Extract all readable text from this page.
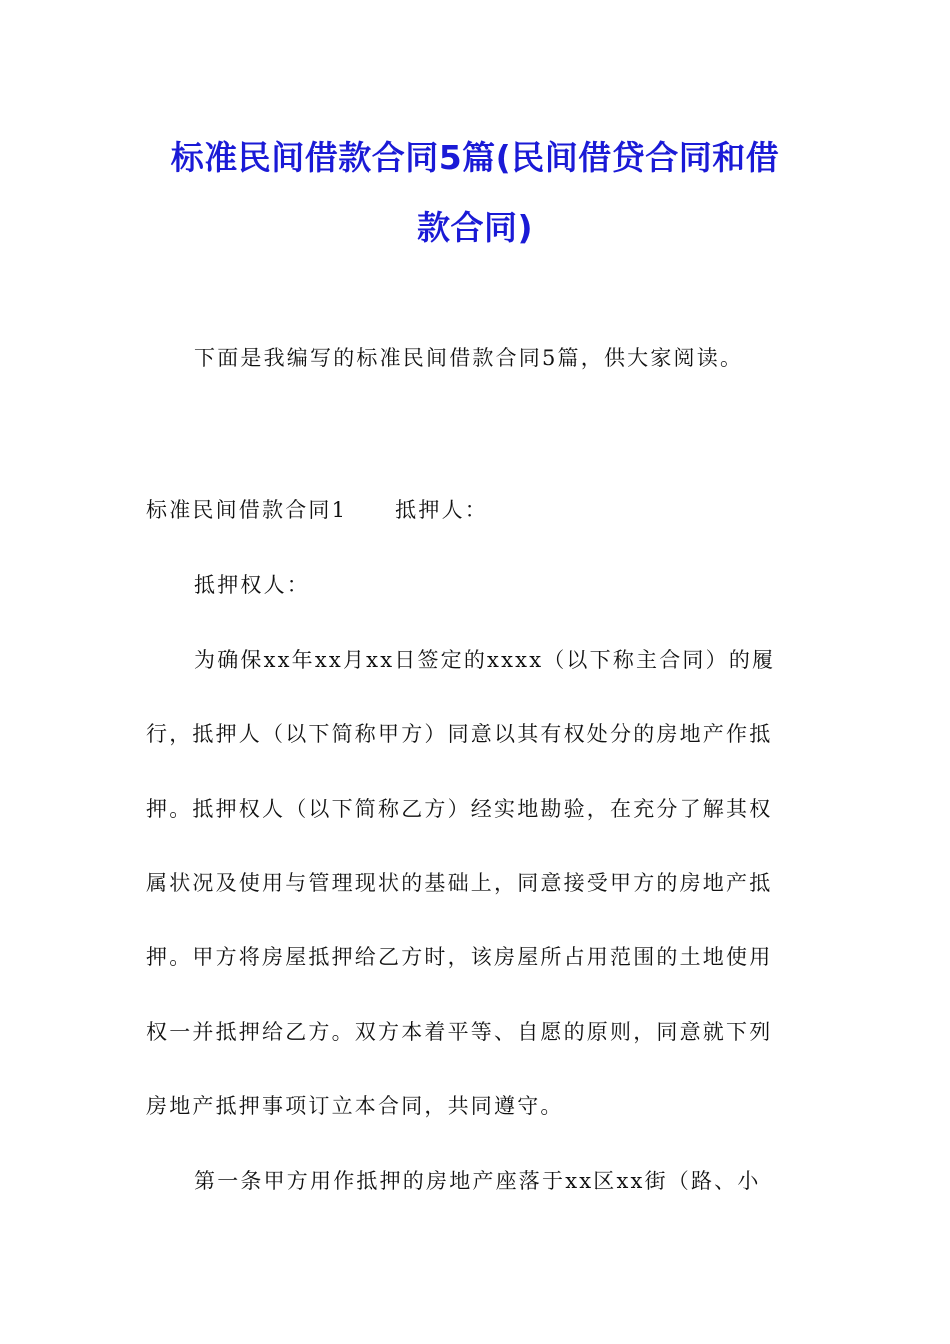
标准民间借款合同5篇(民间借贷合同和借
款合同)
下面是我编写的标准民间借款合同5篇，供大家阅读。
标准民间借款合同1 抵押人：
抵押权人：
为确保xx年xx月xx日签定的xxxx（以下称主合同）的履
行，抵押人（以下简称甲方）同意以其有权处分的房地产作抵
押。抵押权人（以下简称乙方）经实地勘验，在充分了解其权
属状况及使用与管理现状的基础上，同意接受甲方的房地产抵
押。甲方将房屋抵押给乙方时，该房屋所占用范围的土地使用
权一并抵押给乙方。双方本着平等、自愿的原则，同意就下列
房地产抵押事项订立本合同，共同遵守。
第一条甲方用作抵押的房地产座落于xx区xx街（路、小
